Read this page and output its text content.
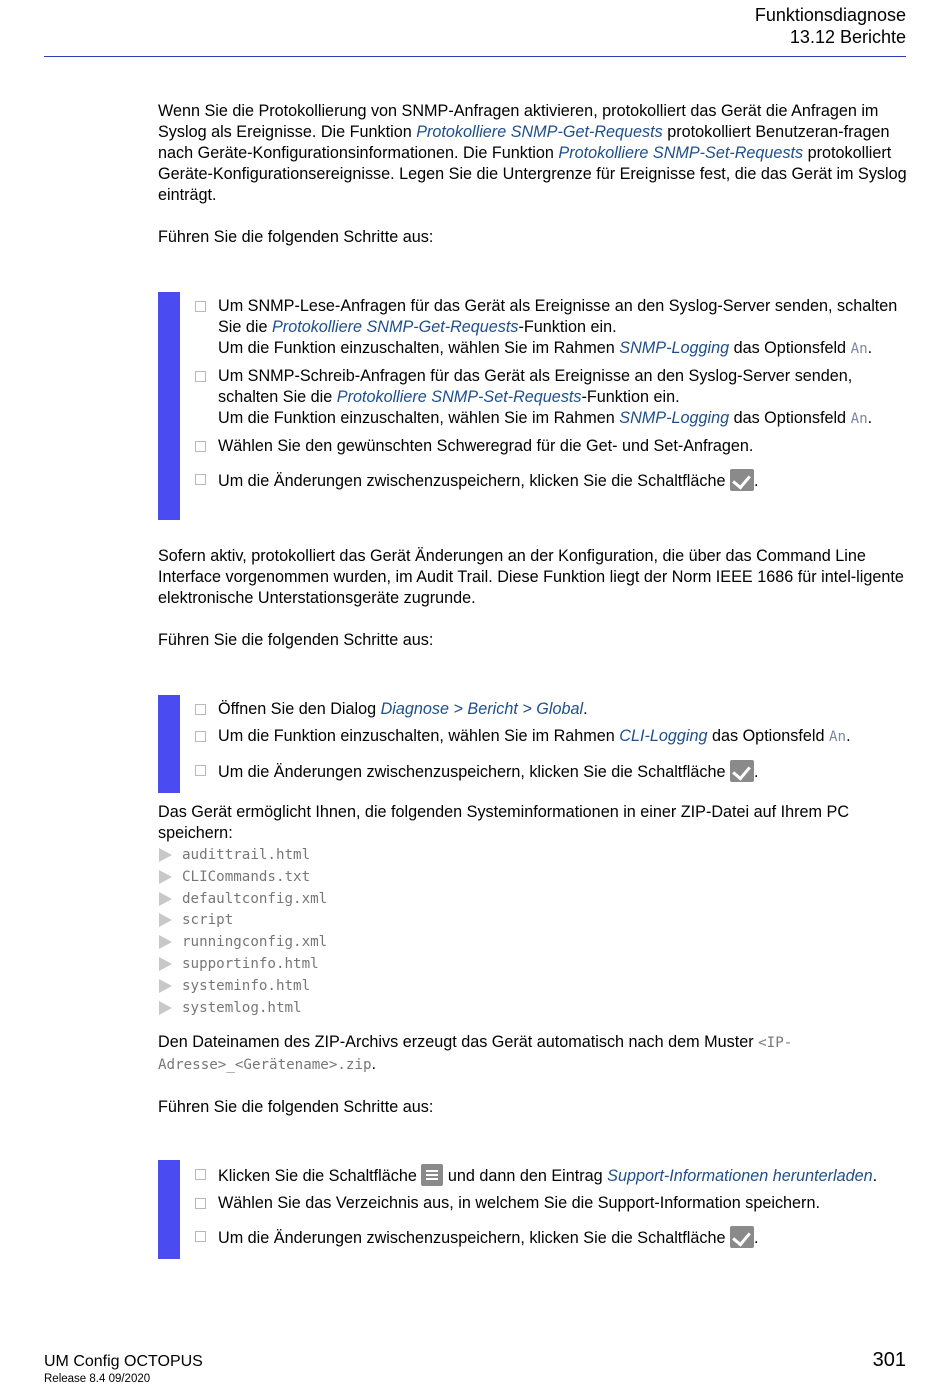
Funktionsdiagnose
13.12 Berichte

Wenn Sie die Protokollierung von SNMP-Anfragen aktivieren, protokolliert das Gerät die Anfragen im Syslog als Ereignisse. Die Funktion Protokolliere SNMP-Get-Requests protokolliert Benutzeran-fragen nach Geräte-Konfigurationsinformationen. Die Funktion Protokolliere SNMP-Set-Requests protokolliert Geräte-Konfigurationsereignisse. Legen Sie die Untergrenze für Ereignisse fest, die das Gerät im Syslog einträgt.

Führen Sie die folgenden Schritte aus:

Um SNMP-Lese-Anfragen für das Gerät als Ereignisse an den Syslog-Server senden, schalten Sie die Protokolliere SNMP-Get-Requests-Funktion ein.
Um die Funktion einzuschalten, wählen Sie im Rahmen SNMP-Logging das Optionsfeld An.
Um SNMP-Schreib-Anfragen für das Gerät als Ereignisse an den Syslog-Server senden, schalten Sie die Protokolliere SNMP-Set-Requests-Funktion ein.
Um die Funktion einzuschalten, wählen Sie im Rahmen SNMP-Logging das Optionsfeld An.
Wählen Sie den gewünschten Schweregrad für die Get- und Set-Anfragen.
Um die Änderungen zwischenzuspeichern, klicken Sie die Schaltfläche .

Sofern aktiv, protokolliert das Gerät Änderungen an der Konfiguration, die über das Command Line Interface vorgenommen wurden, im Audit Trail. Diese Funktion liegt der Norm IEEE 1686 für intel-ligente elektronische Unterstationsgeräte zugrunde.

Führen Sie die folgenden Schritte aus:

Öffnen Sie den Dialog Diagnose > Bericht > Global.
Um die Funktion einzuschalten, wählen Sie im Rahmen CLI-Logging das Optionsfeld An.
Um die Änderungen zwischenzuspeichern, klicken Sie die Schaltfläche .

Das Gerät ermöglicht Ihnen, die folgenden Systeminformationen in einer ZIP-Datei auf Ihrem PC speichern:

audittrail.html
CLICommands.txt
defaultconfig.xml
script
runningconfig.xml
supportinfo.html
systeminfo.html
systemlog.html

Den Dateinamen des ZIP-Archivs erzeugt das Gerät automatisch nach dem Muster <IP-
Adresse>_<Gerätename>.zip.

Führen Sie die folgenden Schritte aus:

Klicken Sie die Schaltfläche  und dann den Eintrag Support-Informationen herunterladen.
Wählen Sie das Verzeichnis aus, in welchem Sie die Support-Information speichern.
Um die Änderungen zwischenzuspeichern, klicken Sie die Schaltfläche .
UM Config OCTOPUS
Release 8.4 09/2020
301
